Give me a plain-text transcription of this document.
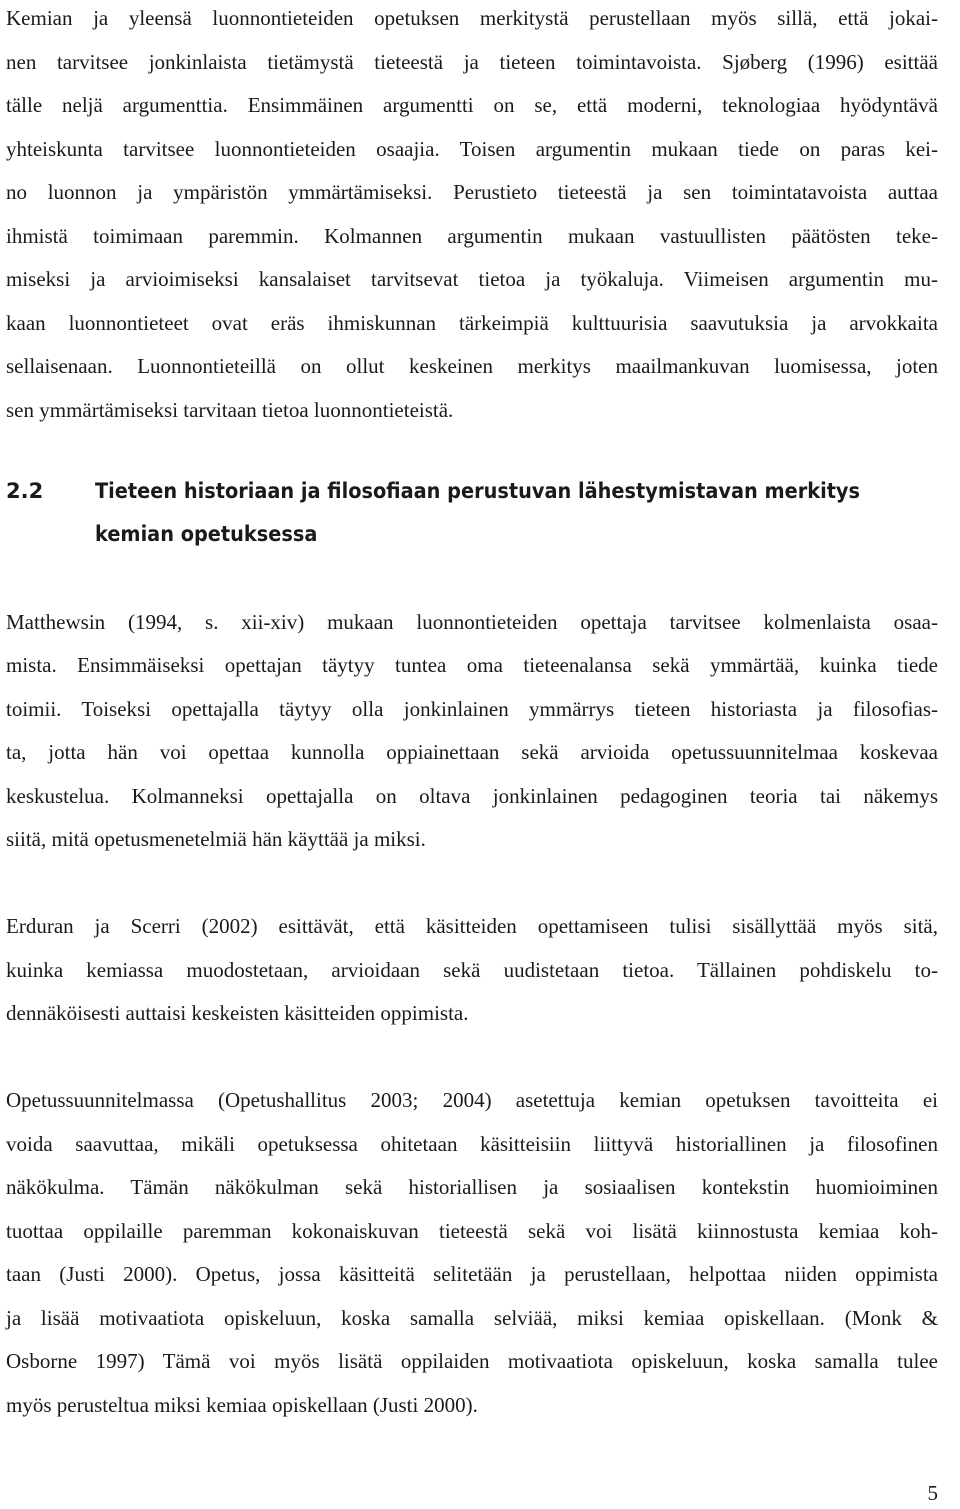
Kemian ja yleensä luonnontieteiden opetuksen merkitystä perustellaan myös sillä, että jokai-
nen tarvitsee jonkinlaista tietämystä tieteestä ja tieteen toimintavoista. Sjøberg (1996) esittää
tälle neljä argumenttia. Ensimmäinen argumentti on se, että moderni, teknologiaa hyödyntävä
yhteiskunta tarvitsee luonnontieteiden osaajia. Toisen argumentin mukaan tiede on paras kei-
no luonnon ja ympäristön ymmärtämiseksi. Perustieto tieteestä ja sen toimintatavoista auttaa
ihmistä toimimaan paremmin. Kolmannen argumentin mukaan vastuullisten päätösten teke-
miseksi ja arvioimiseksi kansalaiset tarvitsevat tietoa ja työkaluja. Viimeisen argumentin mu-
kaan luonnontieteet ovat eräs ihmiskunnan tärkeimpiä kulttuurisia saavutuksia ja arvokkaita
sellaisenaan. Luonnontieteillä on ollut keskeinen merkitys maailmankuvan luomisessa, joten
sen ymmärtämiseksi tarvitaan tietoa luonnontieteistä.
2.2 Tieteen historiaan ja filosofiaan perustuvan lähestymistavan merkitys
kemian opetuksessa
Matthewsin (1994, s. xii-xiv) mukaan luonnontieteiden opettaja tarvitsee kolmenlaista osaa-
mista. Ensimmäiseksi opettajan täytyy tuntea oma tieteenalansa sekä ymmärtää, kuinka tiede
toimii. Toiseksi opettajalla täytyy olla jonkinlainen ymmärrys tieteen historiasta ja filosofias-
ta, jotta hän voi opettaa kunnolla oppiainettaan sekä arvioida opetussuunnitelmaa koskevaa
keskustelua. Kolmanneksi opettajalla on oltava jonkinlainen pedagoginen teoria tai näkemys
siitä, mitä opetusmenetelmiä hän käyttää ja miksi.
Erduran ja Scerri (2002) esittävät, että käsitteiden opettamiseen tulisi sisällyttää myös sitä,
kuinka kemiassa muodostetaan, arvioidaan sekä uudistetaan tietoa. Tällainen pohdiskelu to-
dennäköisesti auttaisi keskeisten käsitteiden oppimista.
Opetussuunnitelmassa (Opetushallitus 2003; 2004) asetettuja kemian opetuksen tavoitteita ei
voida saavuttaa, mikäli opetuksessa ohitetaan käsitteisiin liittyvä historiallinen ja filosofinen
näkökulma. Tämän näkökulman sekä historiallisen ja sosiaalisen kontekstin huomioiminen
tuottaa oppilaille paremman kokonaiskuvan tieteestä sekä voi lisätä kiinnostusta kemiaa koh-
taan (Justi 2000). Opetus, jossa käsitteitä selitetään ja perustellaan, helpottaa niiden oppimista
ja lisää motivaatiota opiskeluun, koska samalla selviää, miksi kemiaa opiskellaan. (Monk &
Osborne 1997) Tämä voi myös lisätä oppilaiden motivaatiota opiskeluun, koska samalla tulee
myös perusteltua miksi kemiaa opiskellaan (Justi 2000).
5
